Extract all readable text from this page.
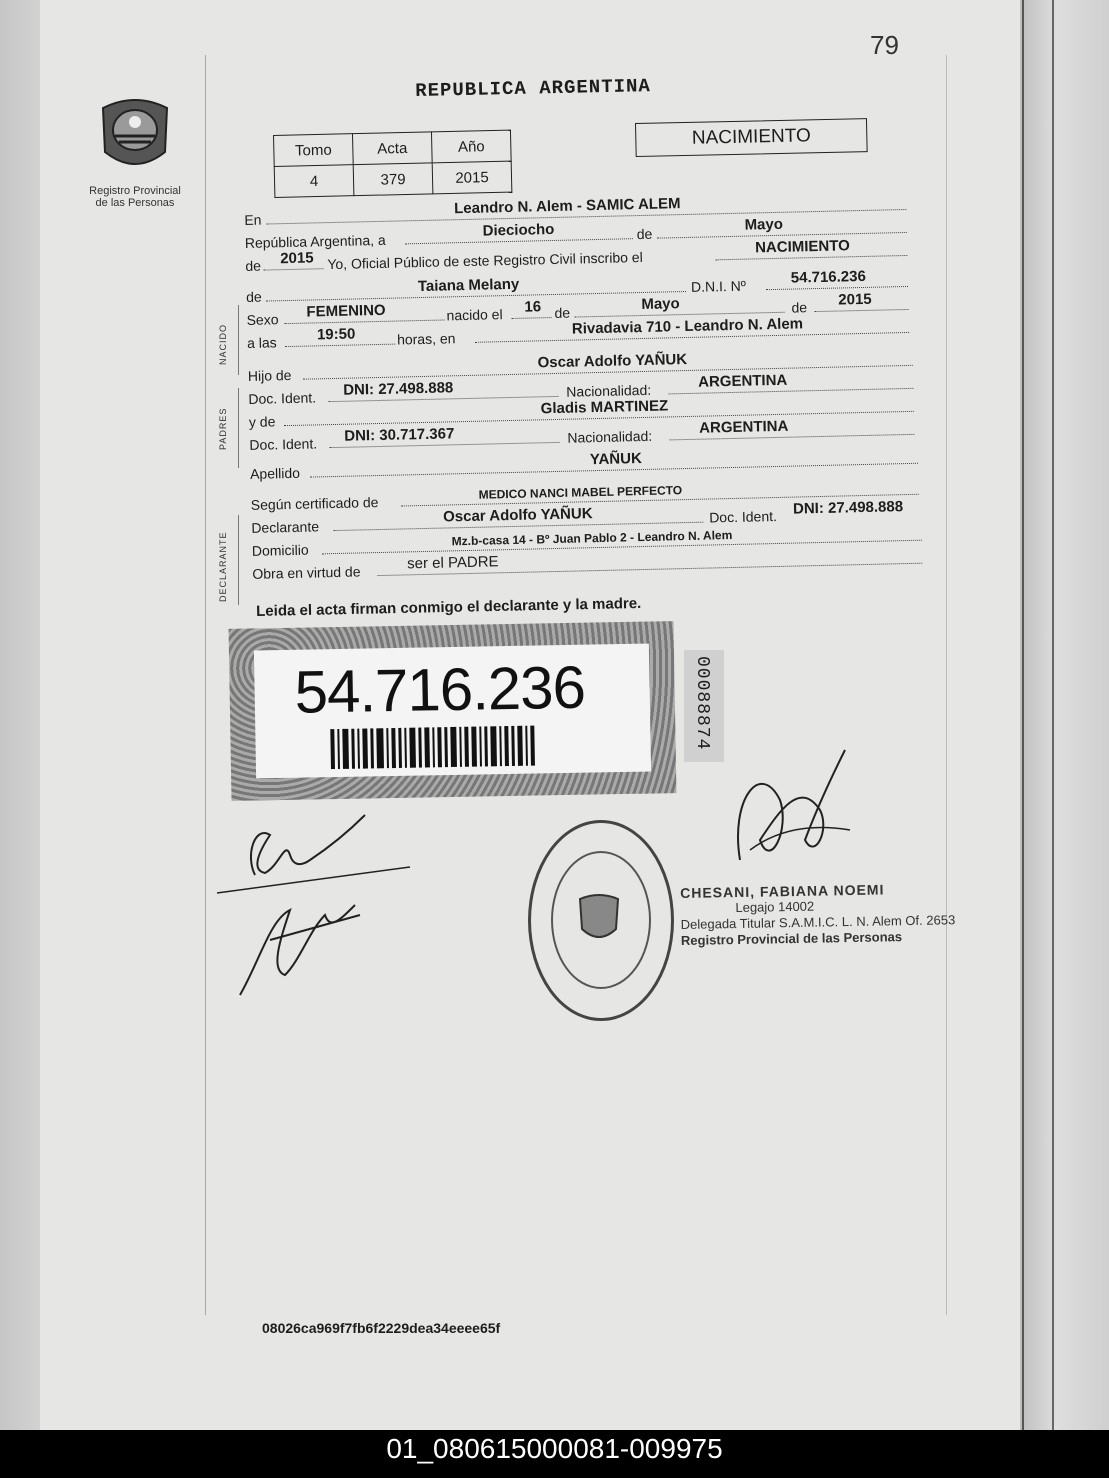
79
Registro Provincial
de las Personas
REPUBLICA ARGENTINA
Tomo	Acta	Año
4	379	2015
NACIMIENTO
En
Leandro N. Alem - SAMIC ALEM
República Argentina, a
Dieciocho	de
Mayo
de 2015 Yo, Oficial Público de este Registro Civil inscribo el
NACIMIENTO
de
Taiana Melany	D.N.I. Nº	54.716.236
Sexo FEMENINO	nacido el 16 de	Mayo	de 2015
a las	19:50	horas, en
Rivadavia 710 - Leandro N. Alem
Hijo de
Oscar Adolfo YAÑUK
Doc. Ident. DNI: 27.498.888	Nacionalidad:
ARGENTINA
y de
Gladis MARTINEZ
Doc. Ident. DNI: 30.717.367	Nacionalidad:
ARGENTINA
Apellido
YAÑUK
Según certificado de
MEDICO NANCI MABEL PERFECTO
Declarante
Oscar Adolfo YAÑUK	Doc. Ident. DNI: 27.498.888
Domicilio
Mz.b-casa 14 - Bº Juan Pablo 2 - Leandro N. Alem
Obra en virtud de
ser el PADRE
NACIDO
PADRES
DECLARANTE
Leida el acta firman conmigo el declarante y la madre.
54.716.236	00088874
CHESANI, FABIANA NOEMI
Legajo 14002
Delegada Titular S.A.M.I.C. L. N. Alem Of. 2653
Registro Provincial de las Personas
08026ca969f7fb6f2229dea34eeee65f
01_080615000081-009975
